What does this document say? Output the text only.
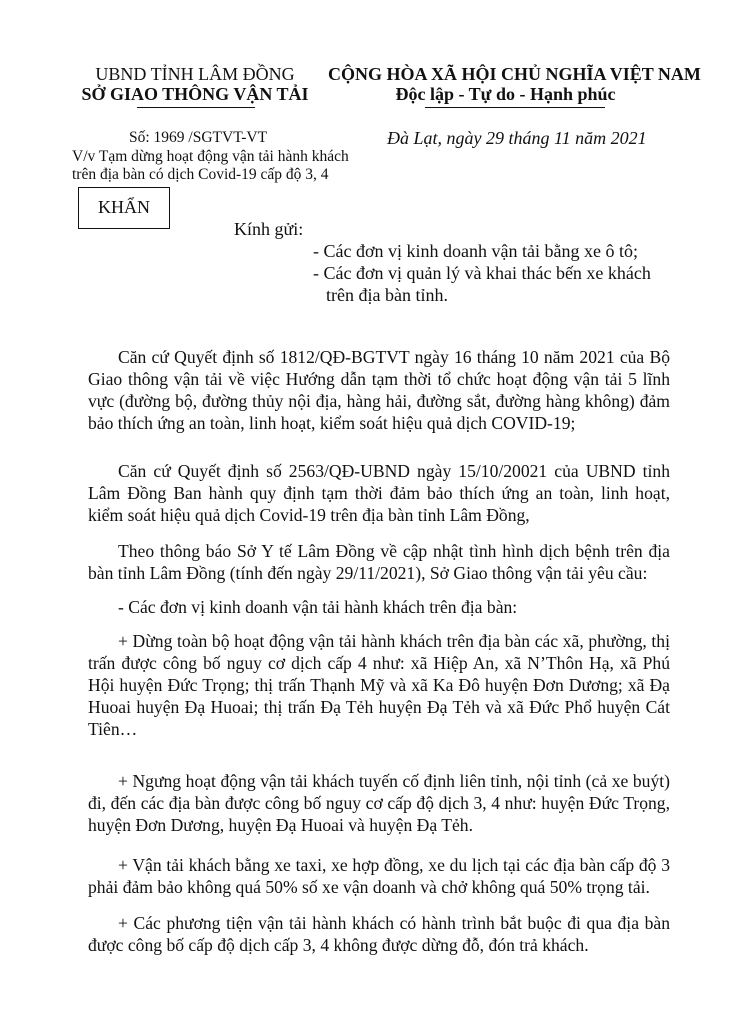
UBND TỈNH LÂM ĐỒNG
SỞ GIAO THÔNG VẬN TẢI
CỘNG HÒA XÃ HỘI CHỦ NGHĨA VIỆT NAM
Độc lập - Tự do - Hạnh phúc
Số: 1969 /SGTVT-VT	Đà Lạt, ngày 29 tháng 11 năm 2021
V/v Tạm dừng hoạt động vận tải hành khách
trên địa bàn có dịch Covid-19 cấp độ 3, 4
KHẨN
Kính gửi:
- Các đơn vị kinh doanh vận tải bằng xe ô tô;
- Các đơn vị quản lý và khai thác bến xe khách
trên địa bàn tỉnh.

Căn cứ Quyết định số 1812/QĐ-BGTVT ngày 16 tháng 10 năm 2021 của Bộ Giao thông vận tải về việc Hướng dẫn tạm thời tổ chức hoạt động vận tải 5 lĩnh vực (đường bộ, đường thủy nội địa, hàng hải, đường sắt, đường hàng không) đảm bảo thích ứng an toàn, linh hoạt, kiểm soát hiệu quả dịch COVID-19;

Căn cứ Quyết định số 2563/QĐ-UBND ngày 15/10/20021 của UBND tỉnh Lâm Đồng Ban hành quy định tạm thời đảm bảo thích ứng an toàn, linh hoạt, kiểm soát hiệu quả dịch Covid-19 trên địa bàn tỉnh Lâm Đồng,

Theo thông báo Sở Y tế Lâm Đồng về cập nhật tình hình dịch bệnh trên địa bàn tỉnh Lâm Đồng (tính đến ngày 29/11/2021), Sở Giao thông vận tải yêu cầu:

- Các đơn vị kinh doanh vận tải hành khách trên địa bàn:

+ Dừng toàn bộ hoạt động vận tải hành khách trên địa bàn các xã, phường, thị trấn được công bố nguy cơ dịch cấp 4 như: xã Hiệp An, xã N’Thôn Hạ, xã Phú Hội huyện Đức Trọng; thị trấn Thạnh Mỹ và xã Ka Đô huyện Đơn Dương; xã Đạ Huoai huyện Đạ Huoai; thị trấn Đạ Tẻh huyện Đạ Tẻh và xã Đức Phổ huyện Cát Tiên…

+ Ngưng hoạt động vận tải khách tuyến cố định liên tỉnh, nội tỉnh (cả xe buýt) đi, đến các địa bàn được công bố nguy cơ cấp độ dịch 3, 4 như: huyện Đức Trọng, huyện Đơn Dương, huyện Đạ Huoai và huyện Đạ Tẻh.

+ Vận tải khách bằng xe taxi, xe hợp đồng, xe du lịch tại các địa bàn cấp độ 3 phải đảm bảo không quá 50% số xe vận doanh và chở không quá 50% trọng tải.

+ Các phương tiện vận tải hành khách có hành trình bắt buộc đi qua địa bàn được công bố cấp độ dịch cấp 3, 4 không được dừng đỗ, đón trả khách.
